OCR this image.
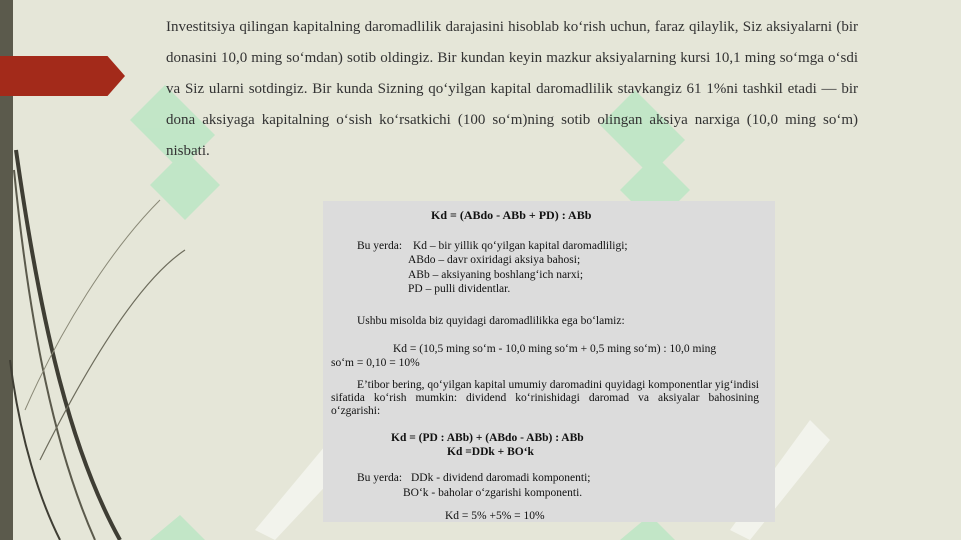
Investitsiya qilingan kapitalning daromadlilik darajasini hisoblab ko‘rish uchun, faraz qilaylik, Siz aksiyalarni (bir donasini 10,0 ming so‘mdan) sotib oldingiz. Bir kundan keyin mazkur aksiyalarning kursi 10,1 ming so‘mga o‘sdi va Siz ularni sotdingiz. Bir kunda Sizning qo‘yilgan kapital daromadlilik stavkangiz 61 1%ni tashkil etadi — bir dona aksiyaga kapitalning o‘sish ko‘rsatkichi (100 so‘m)ning sotib olingan aksiya narxiga (10,0 ming so‘m) nisbati.
Kd = (ABdo - ABb + PD) : ABb
Bu yerda: Kd – bir yillik qo‘yilgan kapital daromadliligi;
ABdo – davr oxiridagi aksiya bahosi;
ABb – aksiyaning boshlang‘ich narxi;
PD – pulli dividentlar.
Ushbu misolda biz quyidagi daromadlilikka ega bo‘lamiz:
Kd = (10,5 ming so‘m - 10,0 ming so‘m + 0,5 ming so‘m) : 10,0 ming
so‘m = 0,10 = 10%
E’tibor bering, qo‘yilgan kapital umumiy daromadini quyidagi komponentlar yig‘indisi sifatida ko‘rish mumkin: dividend ko‘rinishidagi daromad va aksiyalar bahosining o‘zgarishi:
Kd = (PD : ABb) + (ABdo - ABb) : ABb
Kd =DDk + BO‘k
Bu yerda: DDk - dividend daromadi komponenti;
BO‘k - baholar o‘zgarishi komponenti.
Kd = 5% +5% = 10%
